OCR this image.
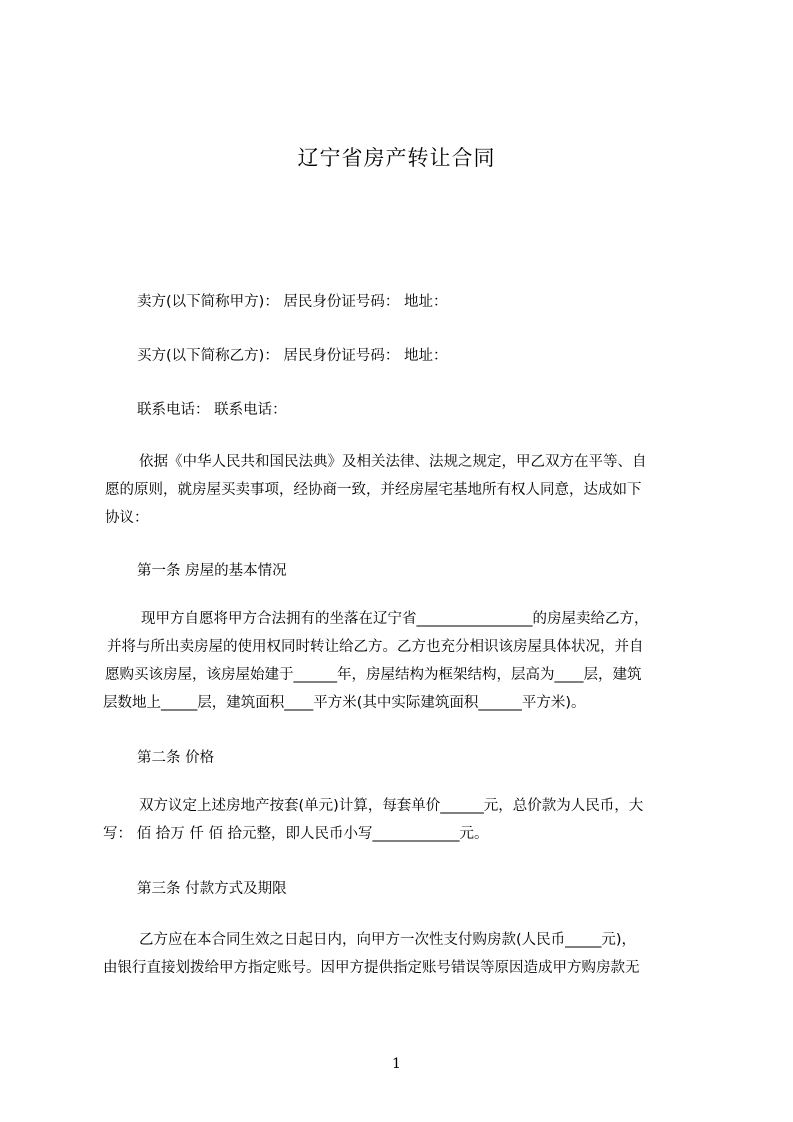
辽宁省房产转让合同
卖方(以下简称甲方)： 居民身份证号码： 地址：
买方(以下简称乙方)： 居民身份证号码： 地址：
联系电话： 联系电话：
依据《中华人民共和国民法典》及相关法律、法规之规定，甲乙双方在平等、自
愿的原则，就房屋买卖事项，经协商一致，并经房屋宅基地所有权人同意，达成如下
协议：
第一条 房屋的基本情况
现甲方自愿将甲方合法拥有的坐落在辽宁省________________的房屋卖给乙方，
并将与所出卖房屋的使用权同时转让给乙方。乙方也充分相识该房屋具体状况，并自
愿购买该房屋，该房屋始建于______年，房屋结构为框架结构，层高为____层，建筑
层数地上_____层，建筑面积____平方米(其中实际建筑面积______平方米)。
第二条 价格
双方议定上述房地产按套(单元)计算，每套单价______元，总价款为人民币，大
写： 佰 拾万 仟 佰 拾元整，即人民币小写____________元。
第三条 付款方式及期限
乙方应在本合同生效之日起日内，向甲方一次性支付购房款(人民币_____元)，
由银行直接划拨给甲方指定账号。因甲方提供指定账号错误等原因造成甲方购房款无
1
